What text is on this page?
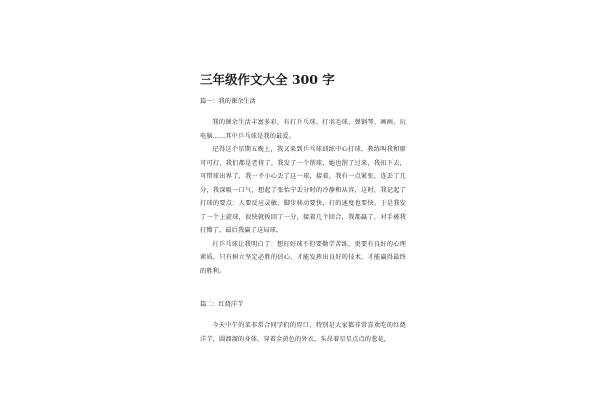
三年级作文大全 300 字
篇一：我的课余生活

我的课余生活丰富多彩，有打乒乓球、打羽毛球、弹钢琴、画画、玩电脑……其中乒乓球是我的最爱。

记得这个星期五晚上，我又来到乒乓球训练中心打球，教练叫我和廖可可打，我们都是老将了，我发了一个削球，她也削了过来，我扣下去，可惜球出界了，我一不小心丢了这一球，接着，我有一点紧张，连丢了几分，我深吸一口气，想起了张怡宁丢分时的冷静和从容，这时，我记起了打球的要点：人要反应灵敏，脚步移动要快，打的速度也要快。于是我发了一个上旋球，很快就扳回了一分，接着几个回合，我都赢了，对手被我打懵了，最后我赢了这局球。

打乒乓球让我明白了：想打好球不但要勤学苦练，更要有良好的心理素质，只有树立坚定必胜的信心，才能发挥出良好的技术，才能赢得最终的胜利。

篇二：红烧洋芋

今天中午的菜非常合同学们的胃口，特别是大家都非常喜欢吃的红烧洋芋，圆溜溜的身体，穿着金黄色的外衣，头昂着星星点点的葱花，
